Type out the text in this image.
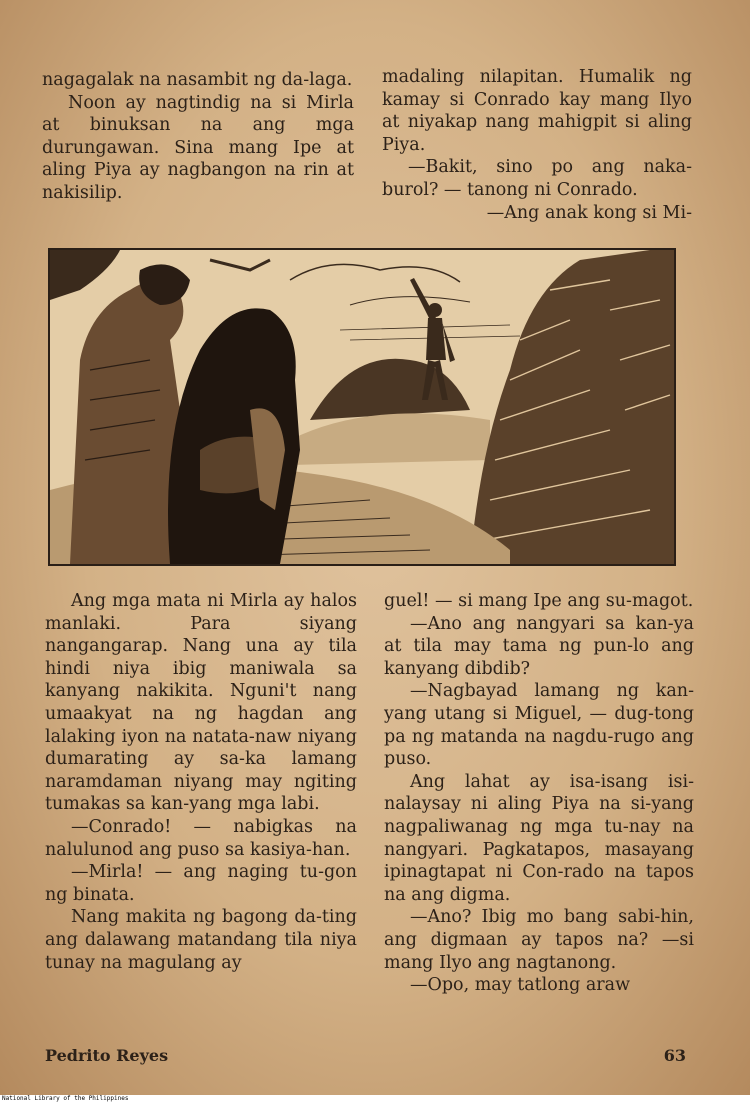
nagagalak na nasambit ng da-laga.

Noon ay nagtindig na si Mirla at binuksan na ang mga durungawan. Sina mang Ipe at aling Piya ay nagbangon na rin at nakisilip.

madaling nilapitan. Humalik ng kamay si Conrado kay mang Ilyo at niyakap nang mahigpit si aling Piya.

—Bakit, sino po ang naka-burol? — tanong ni Conrado.

—Ang anak kong si Mi-

Ang mga mata ni Mirla ay halos manlaki. Para siyang nangangarap. Nang una ay tila hindi niya ibig maniwala sa kanyang nakikita. Nguni't nang umaakyat na ng hagdan ang lalaking iyon na natata-naw niyang dumarating ay sa-ka lamang naramdaman niyang may ngiting tumakas sa kan-yang mga labi.

—Conrado! — nabigkas na nalulunod ang puso sa kasiya-han.

—Mirla! — ang naging tu-gon ng binata.

Nang makita ng bagong da-ting ang dalawang matandang tila niya tunay na magulang ay

guel! — si mang Ipe ang su-magot.

—Ano ang nangyari sa kan-ya at tila may tama ng pun-lo ang kanyang dibdib?

—Nagbayad lamang ng kan-yang utang si Miguel, — dug-tong pa ng matanda na nagdu-rugo ang puso.

Ang lahat ay isa-isang isi-nalaysay ni aling Piya na si-yang nagpaliwanag ng mga tu-nay na nangyari. Pagkatapos, masayang ipinagtapat ni Con-rado na tapos na ang digma.

—Ano? Ibig mo bang sabi-hin, ang digmaan ay tapos na? —si mang Ilyo ang nagtanong.

—Opo, may tatlong araw

Pedrito Reyes	63
National Library of the Philippines
